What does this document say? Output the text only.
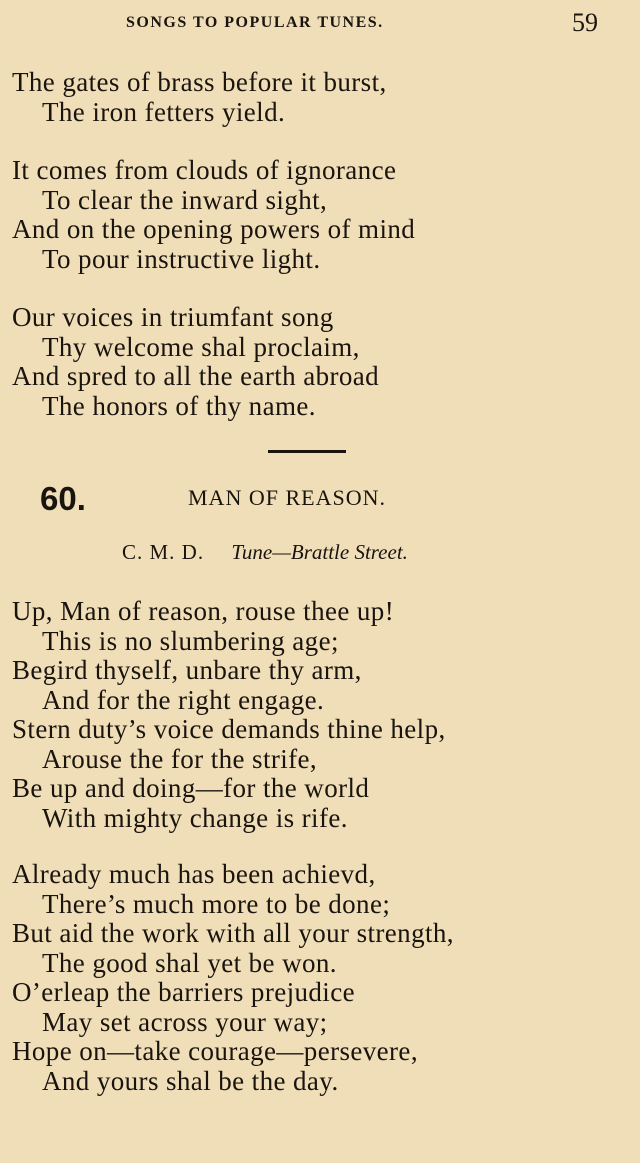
SONGS TO POPULAR TUNES.	59
The gates of brass before it burst,
The iron fetters yield.
It comes from clouds of ignorance
To clear the inward sight,
And on the opening powers of mind
To pour instructive light.
Our voices in triumfant song
Thy welcome shal proclaim,
And spred to all the earth abroad
The honors of thy name.
60.	MAN OF REASON.
C. M. D. Tune—Brattle Street.
Up, Man of reason, rouse thee up!
This is no slumbering age;
Begird thyself, unbare thy arm,
And for the right engage.
Stern duty’s voice demands thine help,
Arouse the for the strife,
Be up and doing—for the world
With mighty change is rife.
Already much has been achievd,
There’s much more to be done;
But aid the work with all your strength,
The good shal yet be won.
O’erleap the barriers prejudice
May set across your way;
Hope on—take courage—persevere,
And yours shal be the day.
